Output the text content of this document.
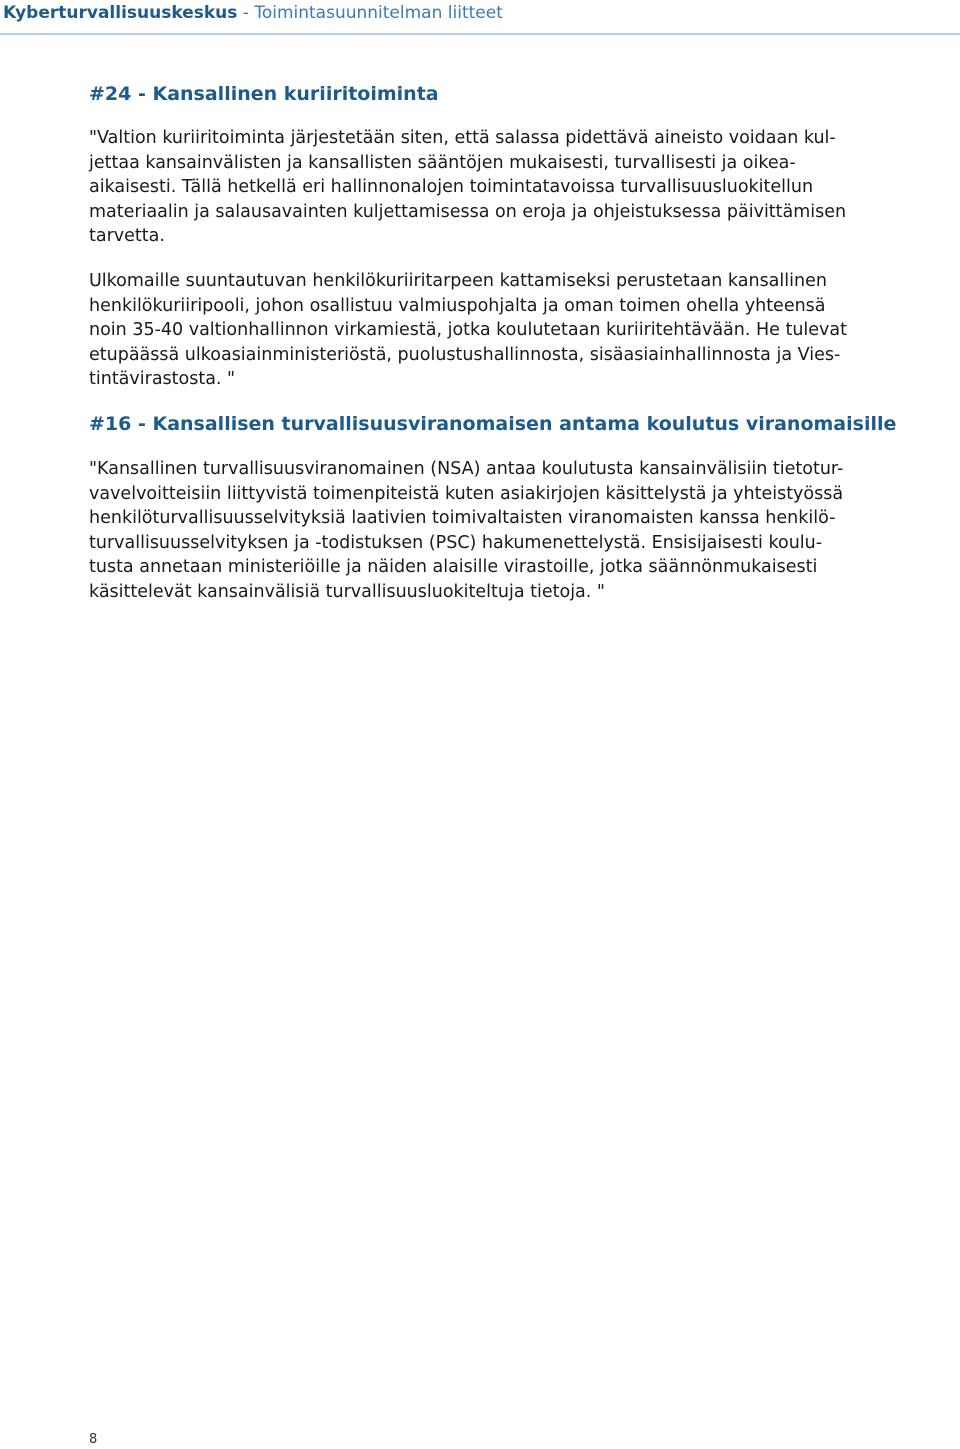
Kyberturvallisuuskeskus - Toimintasuunnitelman liitteet
#24 - Kansallinen kuriiritoiminta

"Valtion kuriiritoiminta järjestetään siten, että salassa pidettävä aineisto voidaan kul-
jettaa kansainvälisten ja kansallisten sääntöjen mukaisesti, turvallisesti ja oikea-
aikaisesti. Tällä hetkellä eri hallinnonalojen toimintatavoissa turvallisuusluokitellun
materiaalin ja salausavainten kuljettamisessa on eroja ja ohjeistuksessa päivittämisen
tarvetta.

Ulkomaille suuntautuvan henkilökuriiritarpeen kattamiseksi perustetaan kansallinen
henkilökuriiripooli, johon osallistuu valmiuspohjalta ja oman toimen ohella yhteensä
noin 35-40 valtionhallinnon virkamiestä, jotka koulutetaan kuriiritehtävään. He tulevat
etupäässä ulkoasiainministeriöstä, puolustushallinnosta, sisäasiainhallinnosta ja Vies-
tintävirastosta. "

#16 - Kansallisen turvallisuusviranomaisen antama koulutus viranomaisille

"Kansallinen turvallisuusviranomainen (NSA) antaa koulutusta kansainvälisiin tietotur-
vavelvoitteisiin liittyvistä toimenpiteistä kuten asiakirjojen käsittelystä ja yhteistyössä
henkilöturvallisuusselvityksiä laativien toimivaltaisten viranomaisten kanssa henkilö-
turvallisuusselvityksen ja -todistuksen (PSC) hakumenettelystä. Ensisijaisesti koulu-
tusta annetaan ministeriöille ja näiden alaisille virastoille, jotka säännönmukaisesti
käsittelevät kansainvälisiä turvallisuusluokiteltuja tietoja. "

8
